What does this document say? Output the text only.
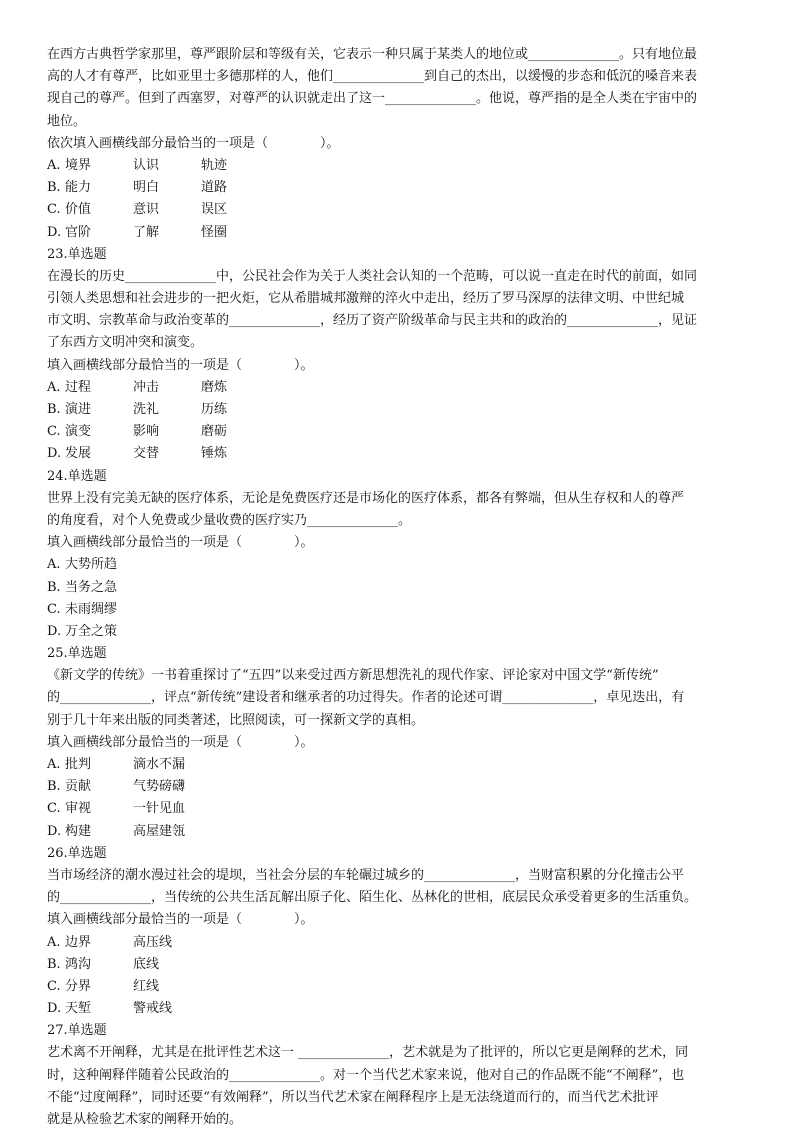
在西方古典哲学家那里，尊严跟阶层和等级有关，它表示一种只属于某类人的地位或______________。只有地位最
高的人才有尊严，比如亚里士多德那样的人，他们______________到自己的杰出，以缓慢的步态和低沉的嗓音来表
现自己的尊严。但到了西塞罗，对尊严的认识就走出了这一______________。他说，尊严指的是全人类在宇宙中的
地位。
依次填入画横线部分最恰当的一项是（　　　　）。
A. 境界	认识	轨迹
B. 能力	明白	道路
C. 价值	意识	误区
D. 官阶	了解	怪圈
23.单选题
在漫长的历史______________中，公民社会作为关于人类社会认知的一个范畴，可以说一直走在时代的前面，如同
引领人类思想和社会进步的一把火炬，它从希腊城邦激辩的淬火中走出，经历了罗马深厚的法律文明、中世纪城
市文明、宗教革命与政治变革的______________，经历了资产阶级革命与民主共和的政治的______________，见证
了东西方文明冲突和演变。
填入画横线部分最恰当的一项是（　　　　）。
A. 过程	冲击	磨炼
B. 演进	洗礼	历练
C. 演变	影响	磨砺
D. 发展	交替	锤炼
24.单选题
世界上没有完美无缺的医疗体系，无论是免费医疗还是市场化的医疗体系，都各有弊端，但从生存权和人的尊严
的角度看，对个人免费或少量收费的医疗实乃______________。
填入画横线部分最恰当的一项是（　　　　）。
A. 大势所趋
B. 当务之急
C. 未雨绸缪
D. 万全之策
25.单选题
《新文学的传统》一书着重探讨了“五四”以来受过西方新思想洗礼的现代作家、评论家对中国文学“新传统”
的______________，评点“新传统”建设者和继承者的功过得失。作者的论述可谓______________，卓见迭出，有
别于几十年来出版的同类著述，比照阅读，可一探新文学的真相。
填入画横线部分最恰当的一项是（　　　　）。
A. 批判	滴水不漏
B. 贡献	气势磅礴
C. 审视	一针见血
D. 构建	高屋建瓴
26.单选题
当市场经济的潮水漫过社会的堤坝，当社会分层的车轮碾过城乡的______________，当财富积累的分化撞击公平
的______________，当传统的公共生活瓦解出原子化、陌生化、丛林化的世相，底层民众承受着更多的生活重负。
填入画横线部分最恰当的一项是（　　　　）。
A. 边界	高压线
B. 鸿沟	底线
C. 分界	红线
D. 天堑	警戒线
27.单选题
艺术离不开阐释，尤其是在批评性艺术这一 ______________，艺术就是为了批评的，所以它更是阐释的艺术，同
时，这种阐释伴随着公民政治的______________。对一个当代艺术家来说，他对自己的作品既不能“不阐释”，也
不能“过度阐释”，同时还要“有效阐释”，所以当代艺术家在阐释程序上是无法绕道而行的，而当代艺术批评
就是从检验艺术家的阐释开始的。
